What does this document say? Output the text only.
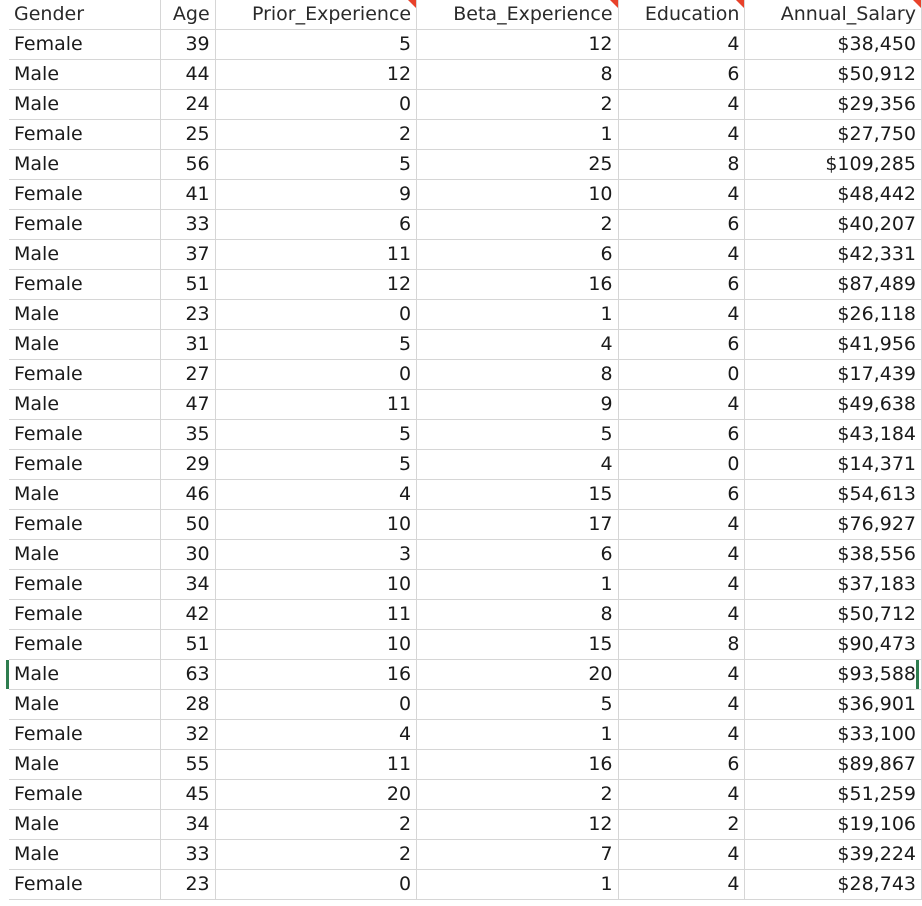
Gender	Age	Prior_Experience	Beta_Experience	Education	Annual_Salary

Female	39	5	12	4	$38,450
Male	44	12	8	6	$50,912
Male	24	0	2	4	$29,356
Female	25	2	1	4	$27,750
Male	56	5	25	8	$109,285
Female	41	9	10	4	$48,442
Female	33	6	2	6	$40,207
Male	37	11	6	4	$42,331
Female	51	12	16	6	$87,489
Male	23	0	1	4	$26,118
Male	31	5	4	6	$41,956
Female	27	0	8	0	$17,439
Male	47	11	9	4	$49,638
Female	35	5	5	6	$43,184
Female	29	5	4	0	$14,371
Male	46	4	15	6	$54,613
Female	50	10	17	4	$76,927
Male	30	3	6	4	$38,556
Female	34	10	1	4	$37,183
Female	42	11	8	4	$50,712
Female	51	10	15	8	$90,473
Male	63	16	20	4	$93,588
Male	28	0	5	4	$36,901
Female	32	4	1	4	$33,100
Male	55	11	16	6	$89,867
Female	45	20	2	4	$51,259
Male	34	2	12	2	$19,106
Male	33	2	7	4	$39,224
Female	23	0	1	4	$28,743
